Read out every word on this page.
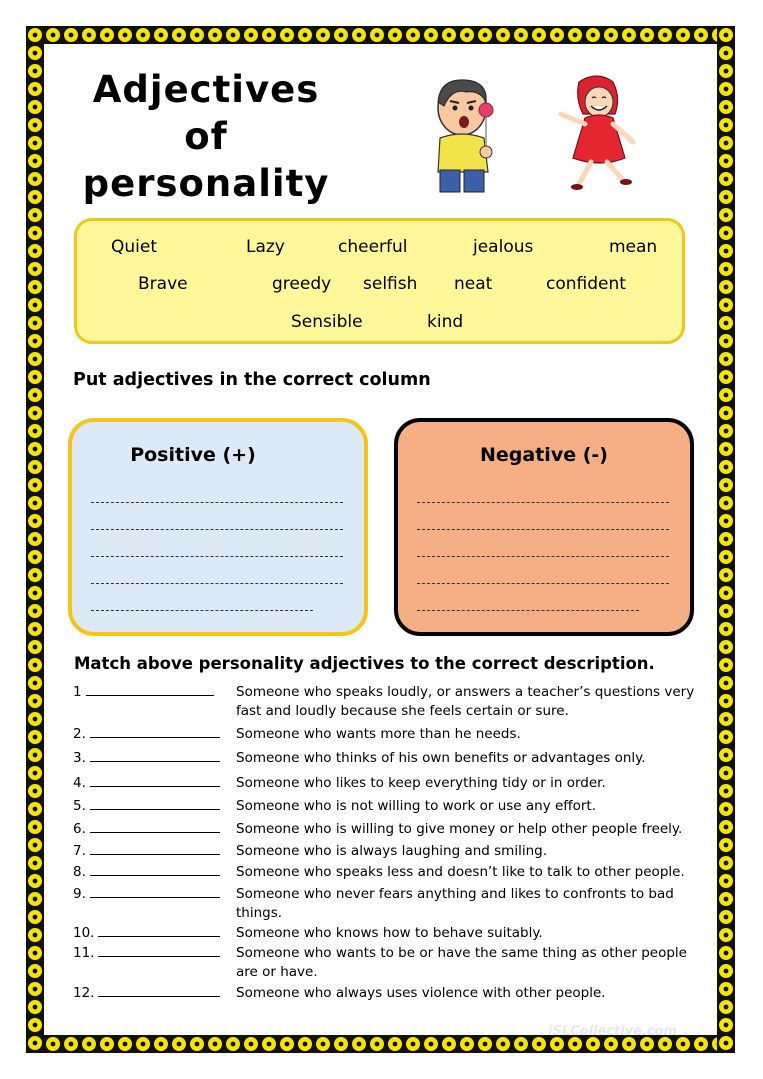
Adjectives
of
personality
Quiet	Lazy	cheerful	jealous	mean
Brave	greedy selfish neat	confident
Sensible	kind
Put adjectives in the correct column
Positive (+)	Negative (-)
Match above personality adjectives to the correct description.
1	Someone who speaks loudly, or answers a teacher’s questions very fast and loudly because she feels certain or sure.
2.	Someone who wants more than he needs.
3.	Someone who thinks of his own benefits or advantages only.
4.	Someone who likes to keep everything tidy or in order.
5.	Someone who is not willing to work or use any effort.
6.	Someone who is willing to give money or help other people freely.
7.	Someone who is always laughing and smiling.
8.	Someone who speaks less and doesn’t like to talk to other people.
9.	Someone who never fears anything and likes to confronts to bad things.
10.	Someone who knows how to behave suitably.
11.	Someone who wants to be or have the same thing as other people are or have.
12.	Someone who always uses violence with other people.
iSLCollective.com
